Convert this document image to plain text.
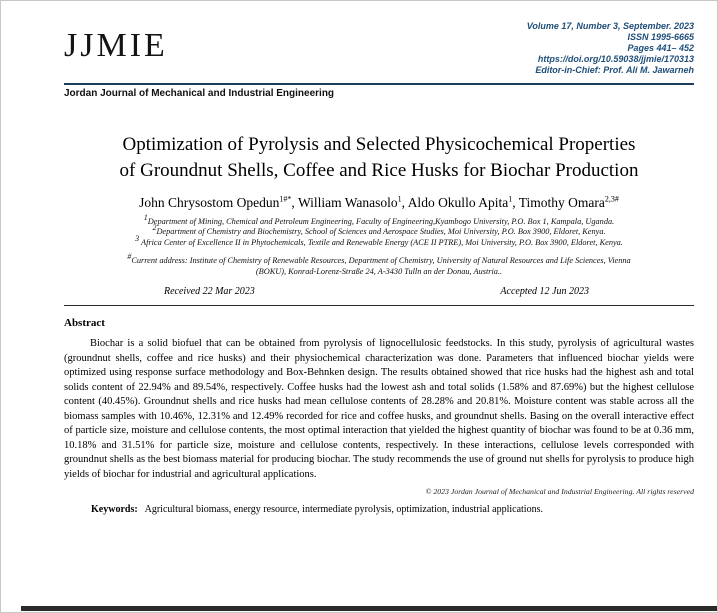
JJMIE
Volume 17, Number 3, September. 2023
ISSN 1995-6665
Pages 441– 452
https://doi.org/10.59038/jjmie/170313
Editor-in-Chief: Prof. Ali M. Jawarneh
Jordan Journal of Mechanical and Industrial Engineering
Optimization of Pyrolysis and Selected Physicochemical Properties of Groundnut Shells, Coffee and Rice Husks for Biochar Production
John Chrysostom Opedun$^{1\#*}$, William Wanasolo$^1$, Aldo Okullo Apita$^1$, Timothy Omara$^{2,3\#}$
$^1$Department of Mining, Chemical and Petroleum Engineering, Faculty of Engineering,Kyambogo University, P.O. Box 1, Kampala, Uganda.
$^2$Department of Chemistry and Biochemistry, School of Sciences and Aerospace Studies, Moi University, P.O. Box 3900, Eldoret, Kenya.
$^3$ Africa Center of Excellence II in Phytochemicals, Textile and Renewable Energy (ACE II PTRE), Moi University, P.O. Box 3900, Eldoret, Kenya.
#Current address: Institute of Chemistry of Renewable Resources, Department of Chemistry, University of Natural Resources and Life Sciences, Vienna (BOKU), Konrad-Lorenz-Straße 24, A-3430 Tulln an der Donau, Austria..
Received 22 Mar 2023	Accepted 12 Jun 2023
Abstract

Biochar is a solid biofuel that can be obtained from pyrolysis of lignocellulosic feedstocks. In this study, pyrolysis of agricultural wastes (groundnut shells, coffee and rice husks) and their physiochemical characterization was done. Parameters that influenced biochar yields were optimized using response surface methodology and Box-Behnken design. The results obtained showed that rice husks had the highest ash and total solids content of 22.94% and 89.54%, respectively. Coffee husks had the lowest ash and total solids (1.58% and 87.69%) but the highest cellulose content (40.45%). Groundnut shells and rice husks had mean cellulose contents of 28.28% and 20.81%. Moisture content was stable across all the biomass samples with 10.46%, 12.31% and 12.49% recorded for rice and coffee husks, and groundnut shells. Basing on the overall interactive effect of particle size, moisture and cellulose contents, the most optimal interaction that yielded the highest quantity of biochar was found to be at 0.36 mm, 10.18% and 31.51% for particle size, moisture and cellulose contents, respectively. In these interactions, cellulose levels corresponded with groundnut shells as the best biomass material for producing biochar. The study recommends the use of ground nut shells for pyrolysis to produce high yields of biochar for industrial and agricultural applications.

© 2023 Jordan Journal of Mechanical and Industrial Engineering. All rights reserved
Keywords: Agricultural biomass, energy resource, intermediate pyrolysis, optimization, industrial applications.
